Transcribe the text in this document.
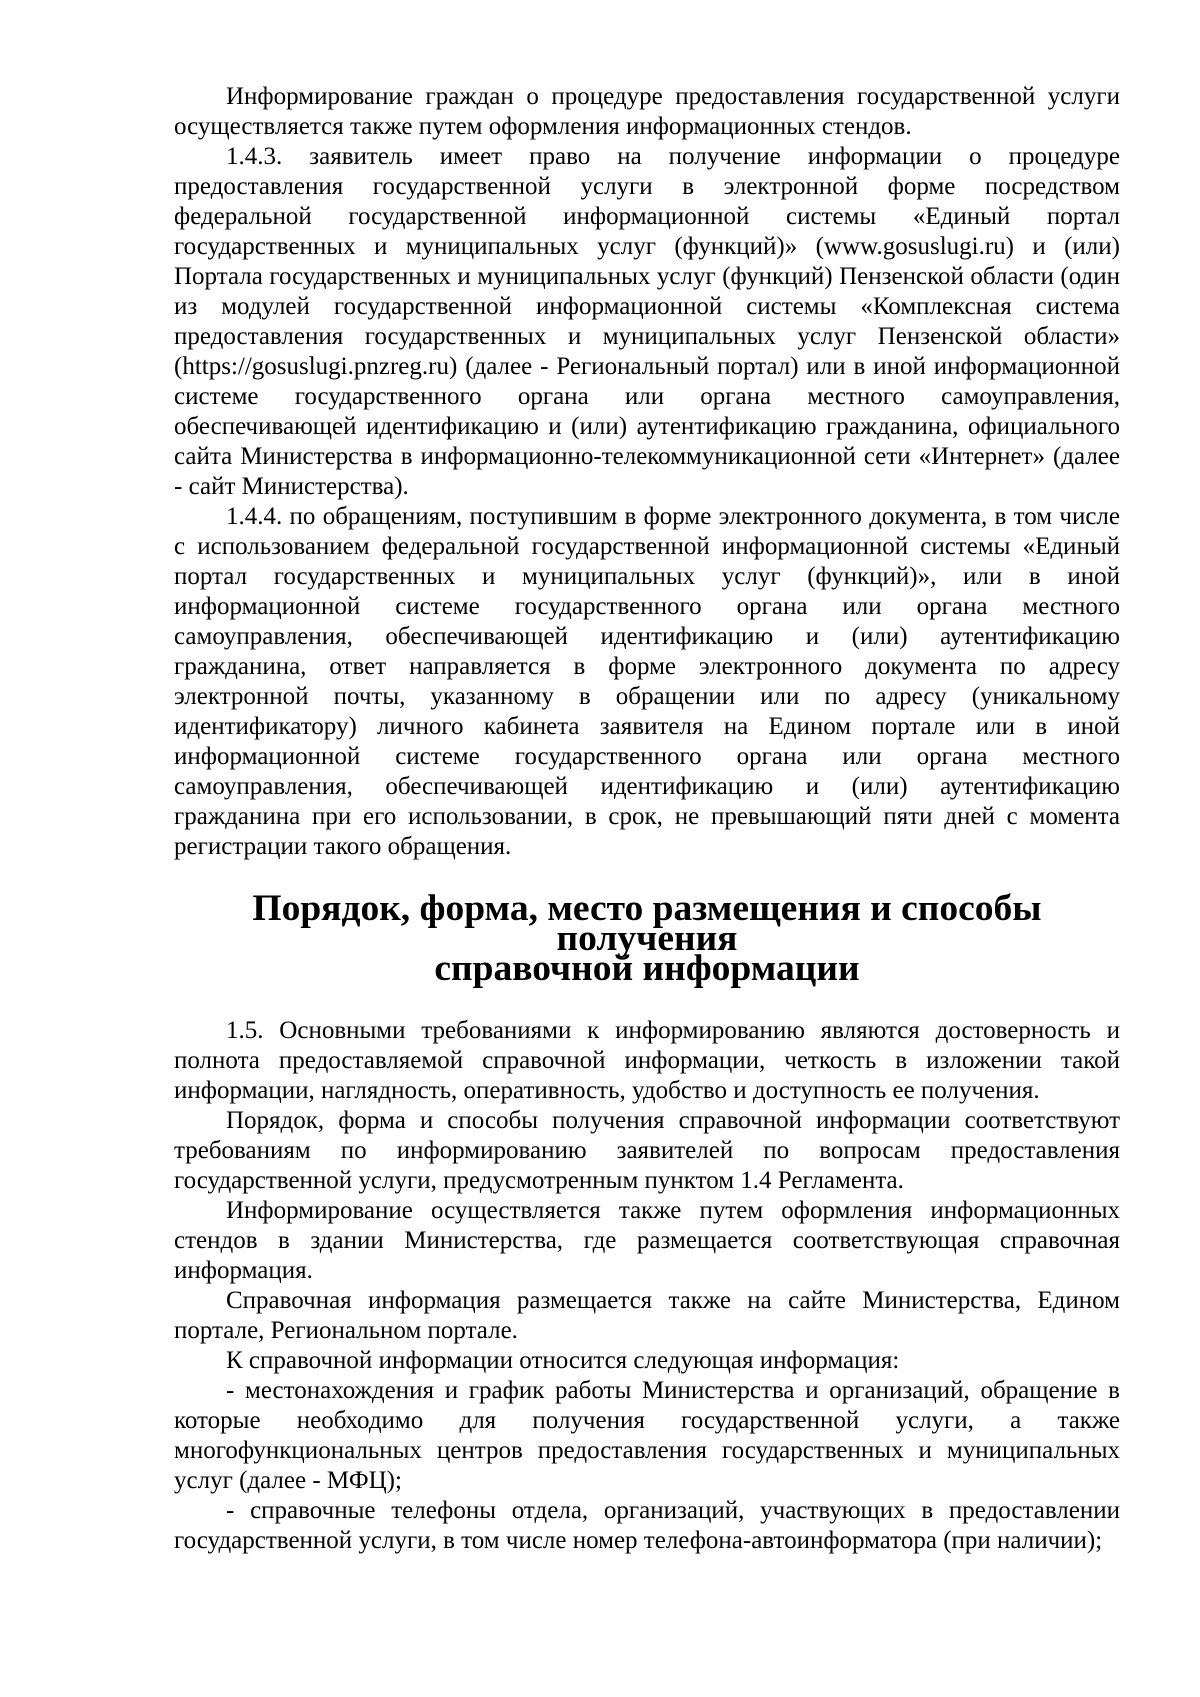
Информирование граждан о процедуре предоставления государственной услуги осуществляется также путем оформления информационных стендов.

1.4.3. заявитель имеет право на получение информации о процедуре предоставления государственной услуги в электронной форме посредством федеральной государственной информационной системы «Единый портал государственных и муниципальных услуг (функций)» (www.gosuslugi.ru) и (или) Портала государственных и муниципальных услуг (функций) Пензенской области (один из модулей государственной информационной системы «Комплексная система предоставления государственных и муниципальных услуг Пензенской области» (https://gosuslugi.pnzreg.ru) (далее - Региональный портал) или в иной информационной системе государственного органа или органа местного самоуправления, обеспечивающей идентификацию и (или) аутентификацию гражданина, официального сайта Министерства в информационно-телекоммуникационной сети «Интернет» (далее - сайт Министерства).

1.4.4. по обращениям, поступившим в форме электронного документа, в том числе с использованием федеральной государственной информационной системы «Единый портал государственных и муниципальных услуг (функций)», или в иной информационной системе государственного органа или органа местного самоуправления, обеспечивающей идентификацию и (или) аутентификацию гражданина, ответ направляется в форме электронного документа по адресу электронной почты, указанному в обращении или по адресу (уникальному идентификатору) личного кабинета заявителя на Едином портале или в иной информационной системе государственного органа или органа местного самоуправления, обеспечивающей идентификацию и (или) аутентификацию гражданина при его использовании, в срок, не превышающий пяти дней с момента регистрации такого обращения.

Порядок, форма, место размещения и способы получения
справочной информации

1.5. Основными требованиями к информированию являются достоверность и полнота предоставляемой справочной информации, четкость в изложении такой информации, наглядность, оперативность, удобство и доступность ее получения.

Порядок, форма и способы получения справочной информации соответствуют требованиям по информированию заявителей по вопросам предоставления государственной услуги, предусмотренным пунктом 1.4 Регламента.

Информирование осуществляется также путем оформления информационных стендов в здании Министерства, где размещается соответствующая справочная информация.

Справочная информация размещается также на сайте Министерства, Едином портале, Региональном портале.

К справочной информации относится следующая информация:

- местонахождения и график работы Министерства и организаций, обращение в которые необходимо для получения государственной услуги, а также многофункциональных центров предоставления государственных и муниципальных услуг (далее - МФЦ);

- справочные телефоны отдела, организаций, участвующих в предоставлении государственной услуги, в том числе номер телефона-автоинформатора (при наличии);
